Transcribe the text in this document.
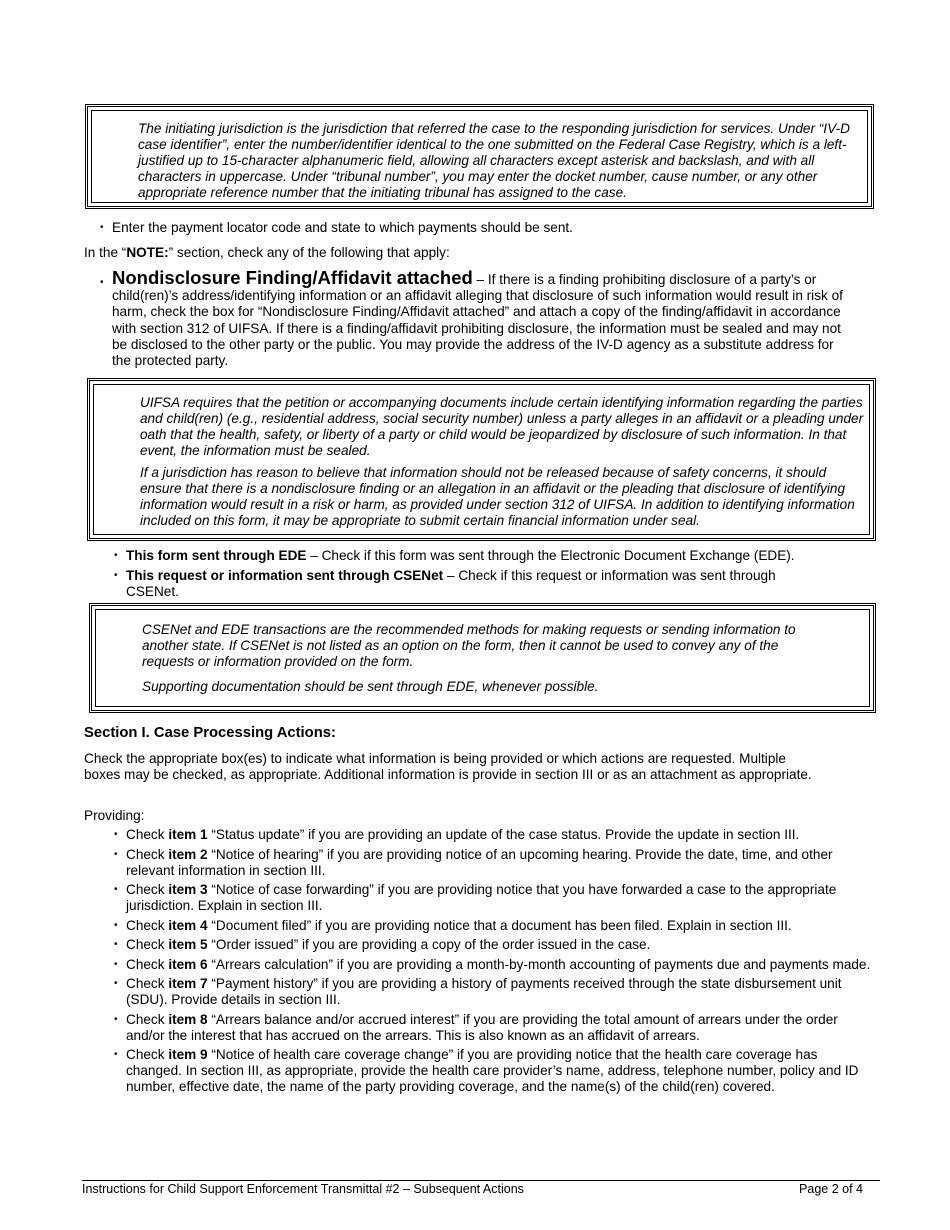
The initiating jurisdiction is the jurisdiction that referred the case to the responding jurisdiction for services. Under “IV-D case identifier”, enter the number/identifier identical to the one submitted on the Federal Case Registry, which is a left-justified up to 15-character alphanumeric field, allowing all characters except asterisk and backslash, and with all characters in uppercase. Under “tribunal number”, you may enter the docket number, cause number, or any other appropriate reference number that the initiating tribunal has assigned to the case.

• Enter the payment locator code and state to which payments should be sent.
In the “NOTE:” section, check any of the following that apply:
• Nondisclosure Finding/Affidavit attached – If there is a finding prohibiting disclosure of a party’s or child(ren)’s address/identifying information or an affidavit alleging that disclosure of such information would result in risk of harm, check the box for “Nondisclosure Finding/Affidavit attached” and attach a copy of the finding/affidavit in accordance with section 312 of UIFSA. If there is a finding/affidavit prohibiting disclosure, the information must be sealed and may not be disclosed to the other party or the public. You may provide the address of the IV-D agency as a substitute address for the protected party.

UIFSA requires that the petition or accompanying documents include certain identifying information regarding the parties and child(ren) (e.g., residential address, social security number) unless a party alleges in an affidavit or a pleading under oath that the health, safety, or liberty of a party or child would be jeopardized by disclosure of such information. In that event, the information must be sealed.

If a jurisdiction has reason to believe that information should not be released because of safety concerns, it should ensure that there is a nondisclosure finding or an allegation in an affidavit or the pleading that disclosure of identifying information would result in a risk or harm, as provided under section 312 of UIFSA. In addition to identifying information included on this form, it may be appropriate to submit certain financial information under seal.

• This form sent through EDE – Check if this form was sent through the Electronic Document Exchange (EDE).
• This request or information sent through CSENet – Check if this request or information was sent through CSENet.

CSENet and EDE transactions are the recommended methods for making requests or sending information to another state. If CSENet is not listed as an option on the form, then it cannot be used to convey any of the requests or information provided on the form.

Supporting documentation should be sent through EDE, whenever possible.

Section I. Case Processing Actions:
Check the appropriate box(es) to indicate what information is being provided or which actions are requested. Multiple boxes may be checked, as appropriate. Additional information is provide in section III or as an attachment as appropriate.
Providing:
• Check item 1 “Status update” if you are providing an update of the case status. Provide the update in section III.
• Check item 2 “Notice of hearing” if you are providing notice of an upcoming hearing. Provide the date, time, and other relevant information in section III.
• Check item 3 “Notice of case forwarding” if you are providing notice that you have forwarded a case to the appropriate jurisdiction. Explain in section III.
• Check item 4 “Document filed” if you are providing notice that a document has been filed. Explain in section III.
• Check item 5 “Order issued” if you are providing a copy of the order issued in the case.
• Check item 6 “Arrears calculation” if you are providing a month-by-month accounting of payments due and payments made.
• Check item 7 “Payment history” if you are providing a history of payments received through the state disbursement unit (SDU). Provide details in section III.
• Check item 8 “Arrears balance and/or accrued interest” if you are providing the total amount of arrears under the order and/or the interest that has accrued on the arrears. This is also known as an affidavit of arrears.
• Check item 9 “Notice of health care coverage change” if you are providing notice that the health care coverage has changed. In section III, as appropriate, provide the health care provider’s name, address, telephone number, policy and ID number, effective date, the name of the party providing coverage, and the name(s) of the child(ren) covered.
Instructions for Child Support Enforcement Transmittal #2 – Subsequent Actions	Page 2 of 4
